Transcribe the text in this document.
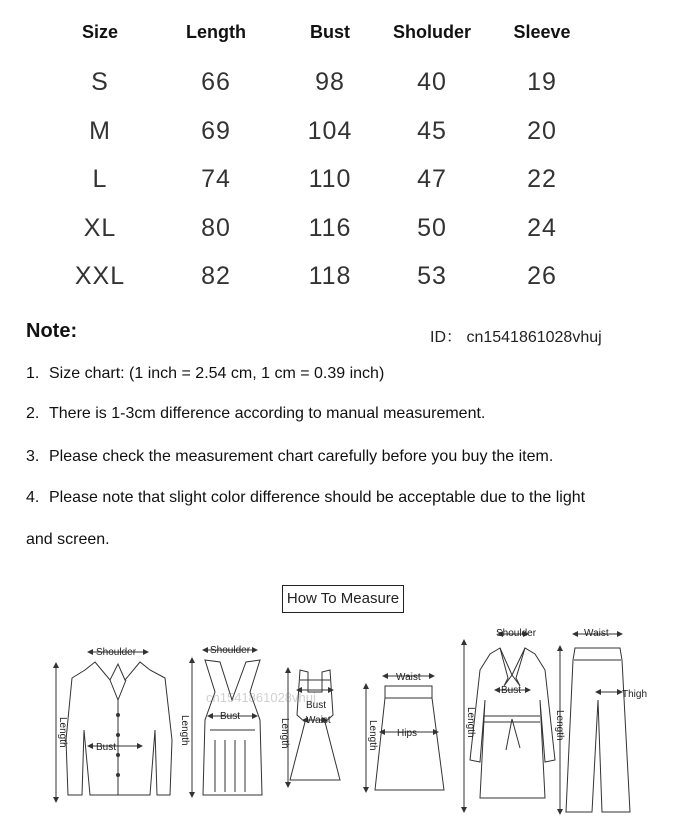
Size	Length	Bust	Sholuder	Sleeve
S	66	98	40	19
M	69	104	45	20
L	74	110	47	22
XL	80	116	50	24
XXL	82	118	53	26
Note:	ID： cn1541861028vhuj
1. Size chart: (1 inch = 2.54 cm, 1 cm = 0.39 inch)
2. There is 1-3cm difference according to manual measurement.
3. Please check the measurement chart carefully before you buy the item.
4. Please note that slight color difference should be acceptable due to the light
and screen.
How To Measure
Shoulder
Bust
Length
Shoulder
Bust
Length
Bust
Waist
Length
Waist
Hips
Length
Shoulder
Bust
Length
Waist
Thigh
Length
cn1541861028vhuj
